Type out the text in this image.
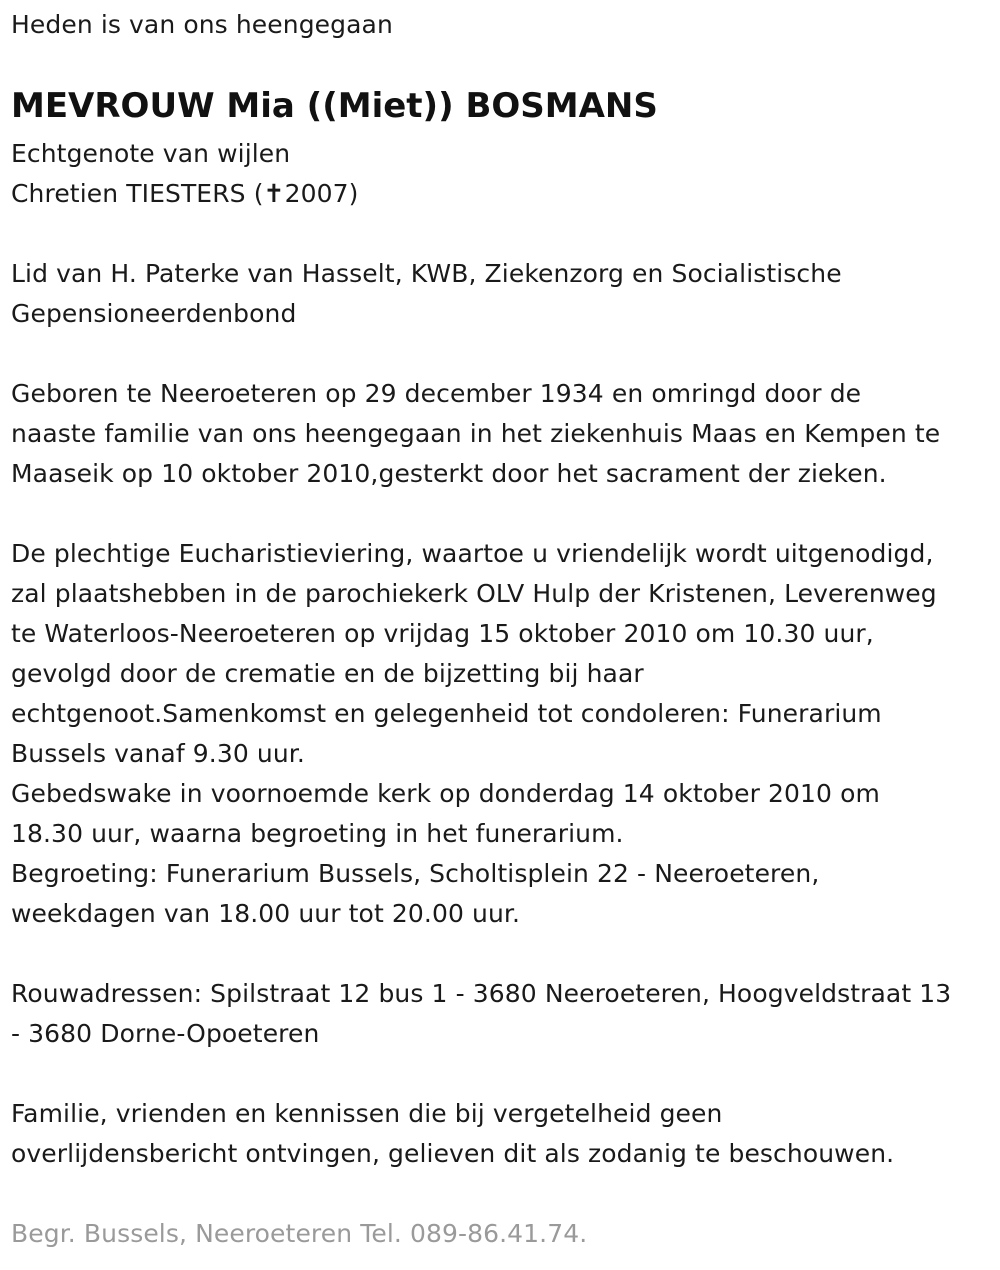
Heden is van ons heengegaan
MEVROUW Mia ((Miet)) BOSMANS
Echtgenote van wijlen
Chretien TIESTERS (✝2007)
Lid van H. Paterke van Hasselt, KWB, Ziekenzorg en Socialistische
Gepensioneerdenbond
Geboren te Neeroeteren op 29 december 1934 en omringd door de
naaste familie van ons heengegaan in het ziekenhuis Maas en Kempen te
Maaseik op 10 oktober 2010,gesterkt door het sacrament der zieken.
De plechtige Eucharistieviering, waartoe u vriendelijk wordt uitgenodigd,
zal plaatshebben in de parochiekerk OLV Hulp der Kristenen, Leverenweg
te Waterloos-Neeroeteren op vrijdag 15 oktober 2010 om 10.30 uur,
gevolgd door de crematie en de bijzetting bij haar
echtgenoot.Samenkomst en gelegenheid tot condoleren: Funerarium
Bussels vanaf 9.30 uur.
Gebedswake in voornoemde kerk op donderdag 14 oktober 2010 om
18.30 uur, waarna begroeting in het funerarium.
Begroeting: Funerarium Bussels, Scholtisplein 22 - Neeroeteren,
weekdagen van 18.00 uur tot 20.00 uur.
Rouwadressen: Spilstraat 12 bus 1 - 3680 Neeroeteren, Hoogveldstraat 13
- 3680 Dorne-Opoeteren
Familie, vrienden en kennissen die bij vergetelheid geen
overlijdensbericht ontvingen, gelieven dit als zodanig te beschouwen.
Begr. Bussels, Neeroeteren Tel. 089-86.41.74.
